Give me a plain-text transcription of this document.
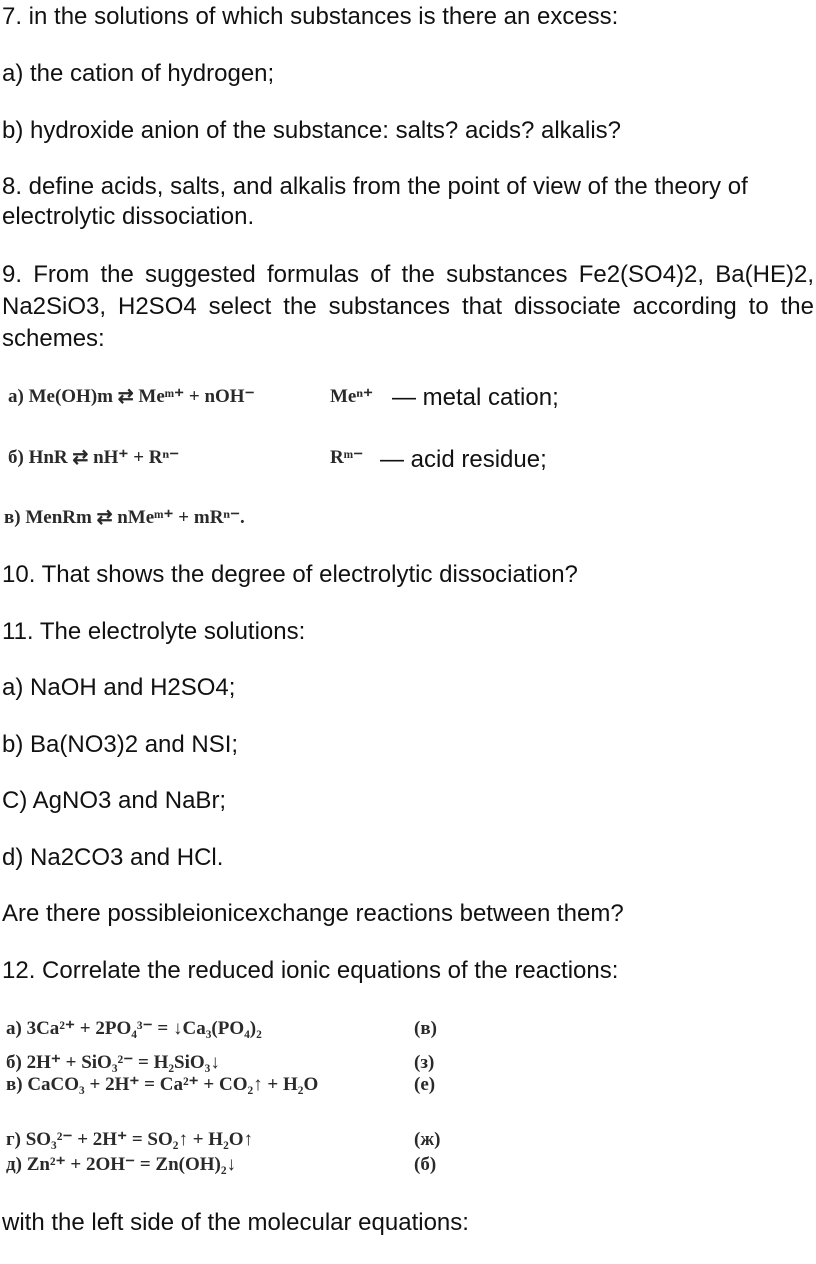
7. in the solutions of which substances is there an excess:
a) the cation of hydrogen;
b) hydroxide anion of the substance: salts? acids? alkalis?
8. define acids, salts, and alkalis from the point of view of the theory of electrolytic dissociation.
9. From the suggested formulas of the substances Fe2(SO4)2, Ba(HE)2, Na2SiO3, H2SO4 select the substances that dissociate according to the schemes:
a) Me(OH)m ⇄ Meᵐ⁺ + nOH⁻	Meⁿ⁺ — metal cation;
б) HnR ⇄ nH⁺ + Rⁿ⁻	Rᵐ⁻ — acid residue;
в) MenRm ⇄ nMeᵐ⁺ + mRⁿ⁻.
10. That shows the degree of electrolytic dissociation?
11. The electrolyte solutions:
a) NaOH and H2SO4;
b) Ba(NO3)2 and NSI;
C) AgNO3 and NaBr;
d) Na2CO3 and HCl.
Are there possibleionicexchange reactions between them?
12. Correlate the reduced ionic equations of the reactions:
a) 3Ca²⁺ + 2PO₄³⁻ = ↓Ca₃(PO₄)₂	(в)
б) 2H⁺ + SiO₃²⁻ = H₂SiO₃↓	(з)
в) CaCO₃ + 2H⁺ = Ca²⁺ + CO₂↑ + H₂O	(е)
г) SO₃²⁻ + 2H⁺ = SO₂↑ + H₂O↑	(ж)
д) Zn²⁺ + 2OH⁻ = Zn(OH)₂↓	(б)
with the left side of the molecular equations:
